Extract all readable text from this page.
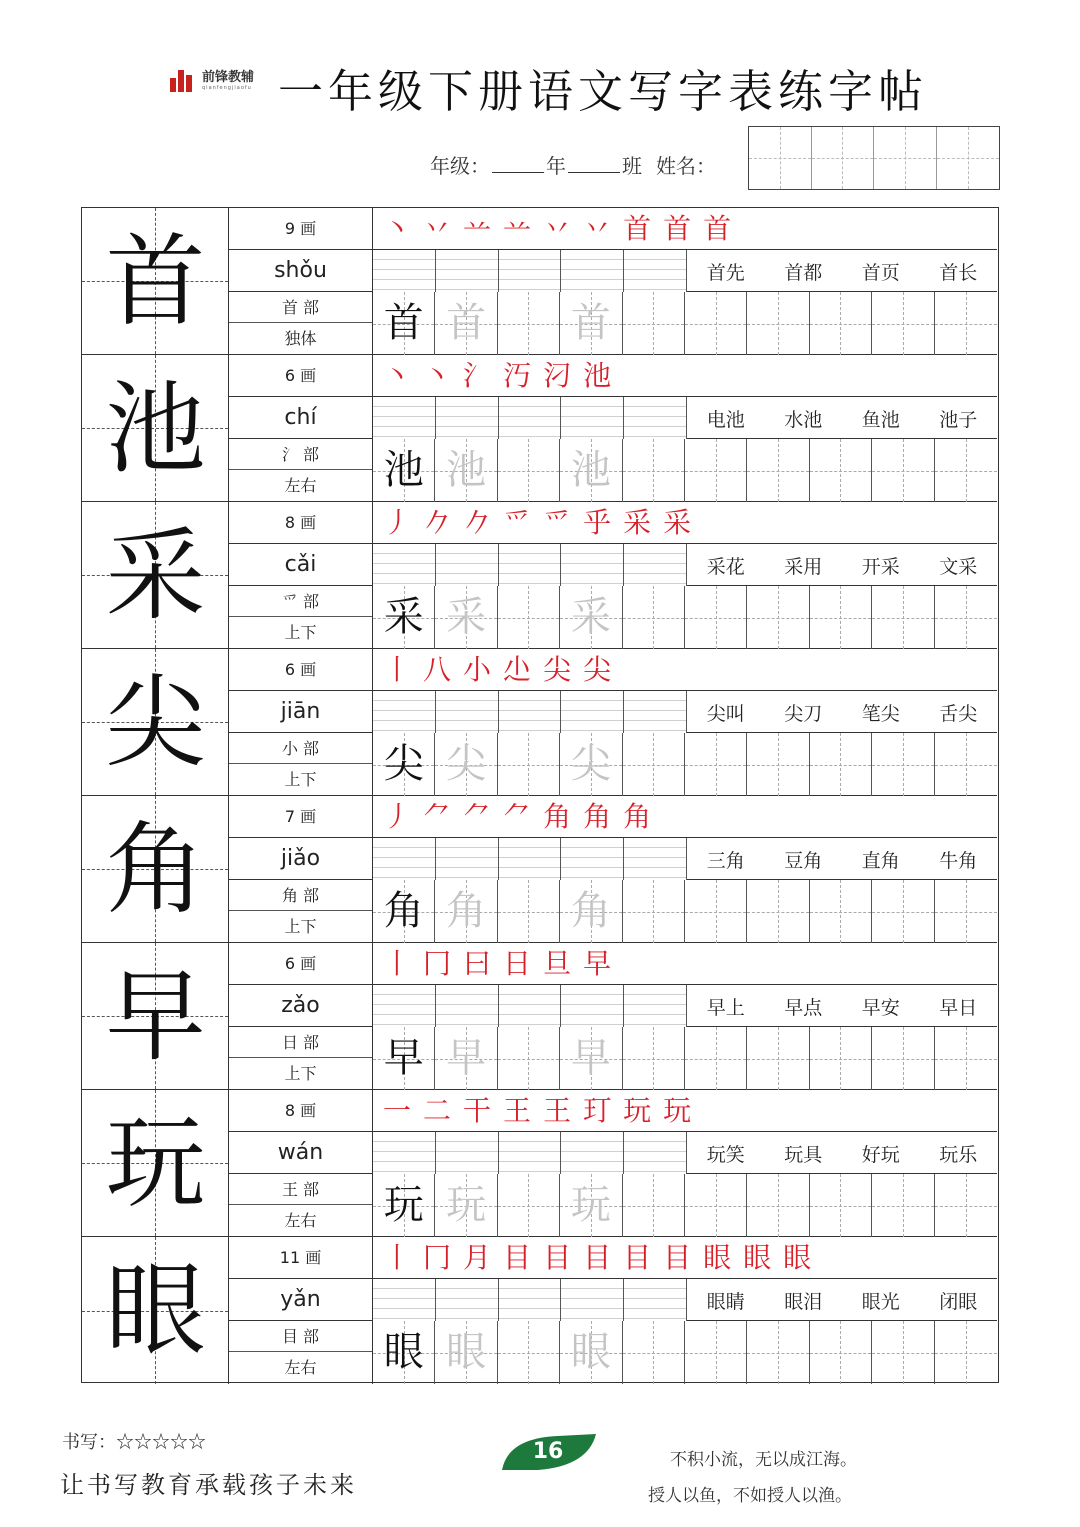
前锋教辅
qianfengjiaofu 一年级下册语文写字表练字帖
年级：	年	班 姓名：
首	9 画
shǒu
首 部
独体
丶 丷 䒑 䒑 丷 丷 首 首 首
首先 首都 首页 首长
首 首 首
池	6 画
chí
氵 部
左右
丶 丶 氵 汅 汈 池
电池 水池 鱼池 池子
池 池 池
采	8 画
cǎi
爫 部
上下
丿 𠂊 𠂊 爫 爫 乎 采 采
采花 采用 开采 文采
采 采 采
尖	6 画
jiān
小 部
上下
丨 八 小 尐 尖 尖
尖叫 尖刀 笔尖 舌尖
尖 尖 尖
角	7 画
jiǎo
角 部
上下
丿 ⺈ ⺈ ⺈ 角 角 角
三角 豆角 直角 牛角
角 角 角
早	6 画
zǎo
日 部
上下
丨 冂 曰 日 旦 早
早上 早点 早安 早日
早 早 早
玩	8 画
wán
王 部
左右
一 二 干 王 王 玎 玩 玩
玩笑 玩具 好玩 玩乐
玩 玩 玩
眼	11 画
yǎn
目 部
左右
丨 冂 月 目 目 目 目 目 眼 眼 眼
眼睛 眼泪 眼光 闭眼
眼 眼 眼
书写：☆☆☆☆☆
让书写教育承载孩子未来
16	不积小流，无以成江海。
授人以鱼，不如授人以渔。
